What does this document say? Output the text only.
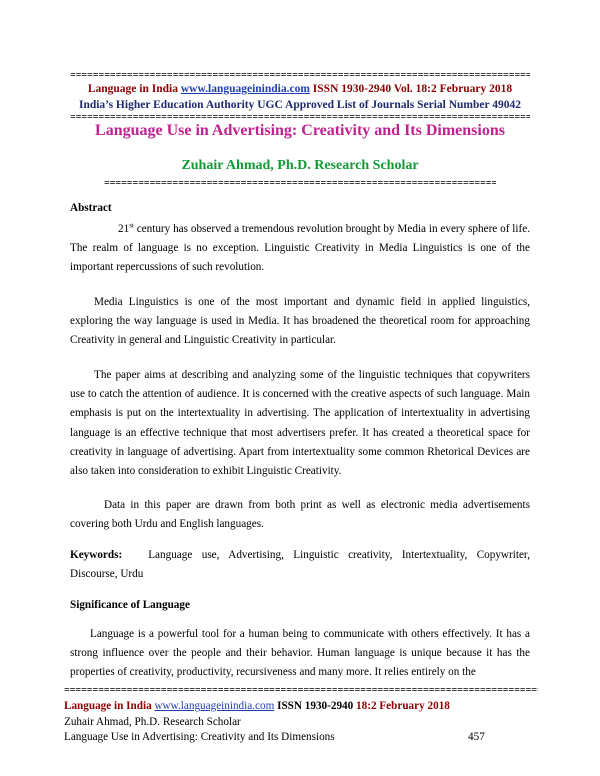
=====
Language in India www.languageinindia.com ISSN 1930-2940 Vol. 18:2 February 2018
India’s Higher Education Authority UGC Approved List of Journals Serial Number 49042
=====
Language Use in Advertising: Creativity and Its Dimensions
Zuhair Ahmad, Ph.D. Research Scholar
=====
Abstract
21st century has observed a tremendous revolution brought by Media in every sphere of life. The realm of language is no exception. Linguistic Creativity in Media Linguistics is one of the important repercussions of such revolution.
Media Linguistics is one of the most important and dynamic field in applied linguistics, exploring the way language is used in Media. It has broadened the theoretical room for approaching Creativity in general and Linguistic Creativity in particular.
The paper aims at describing and analyzing some of the linguistic techniques that copywriters use to catch the attention of audience. It is concerned with the creative aspects of such language. Main emphasis is put on the intertextuality in advertising. The application of intertextuality in advertising language is an effective technique that most advertisers prefer. It has created a theoretical space for creativity in language of advertising. Apart from intertextuality some common Rhetorical Devices are also taken into consideration to exhibit Linguistic Creativity.
Data in this paper are drawn from both print as well as electronic media advertisements covering both Urdu and English languages.
Keywords: Language use, Advertising, Linguistic creativity, Intertextuality, Copywriter, Discourse, Urdu
Significance of Language
Language is a powerful tool for a human being to communicate with others effectively. It has a strong influence over the people and their behavior. Human language is unique because it has the properties of creativity, productivity, recursiveness and many more. It relies entirely on the
=====
Language in India www.languageinindia.com ISSN 1930-2940 18:2 February 2018
Zuhair Ahmad, Ph.D. Research Scholar
Language Use in Advertising: Creativity and Its Dimensions	457
